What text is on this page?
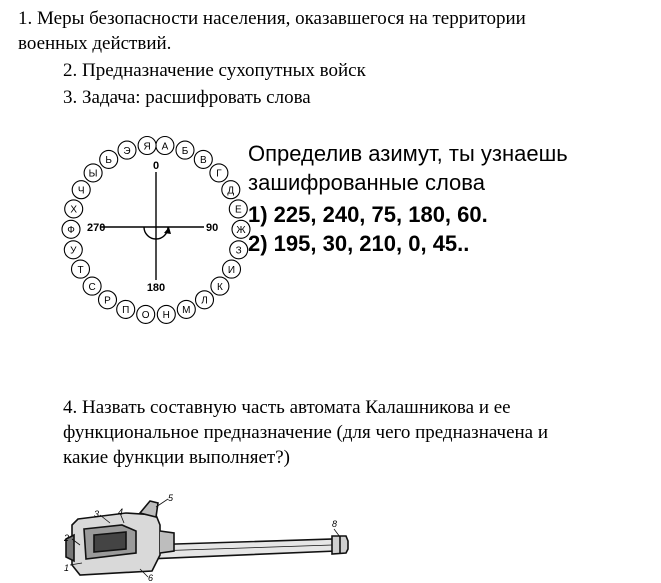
1. Меры безопасности населения, оказавшегося на территории
военных действий.
2. Предназначение сухопутных войск
3. Задача: расшифровать слова
А Б
В
Г
Д
Е
Ж
З
И
К
Л
М
Н
О
П
Р
С
Т
У
Ф
Х
Ч
Ы
Ь
Э Я
0
270	90
180
Определив азимут, ты узнаешь
зашифрованные слова
1) 225, 240, 75, 180, 60.
2) 195, 30, 210, 0, 45..
4. Назвать составную часть автомата Калашникова и ее
функциональное предназначение (для чего предназначена и
какие функции выполняет?)
3 4
5
2
1
6
8
